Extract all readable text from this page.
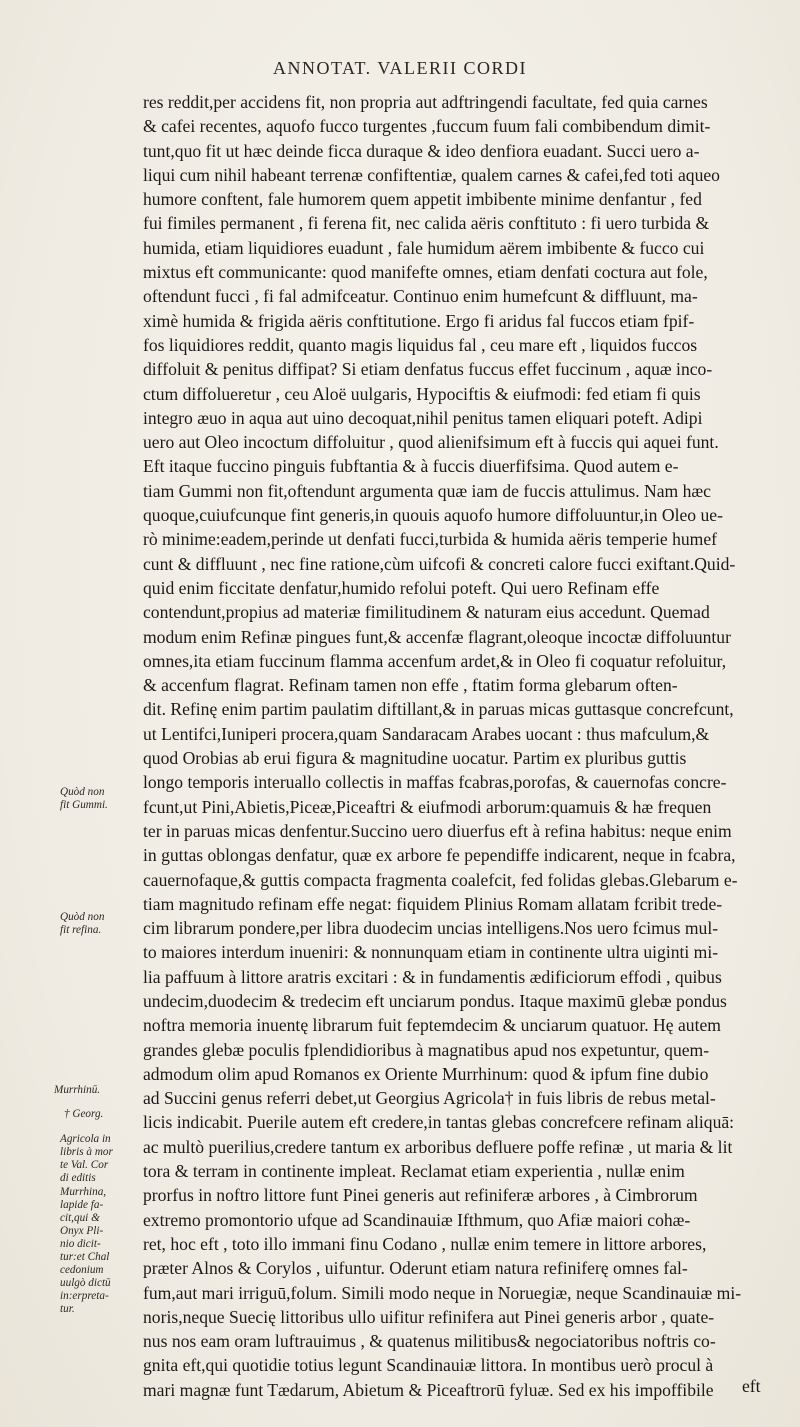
ANNOTAT. VALERII CORDI
Quòd non
fit Gummi.
Quòd non
fit refina.
Murrhinū.
† Georg.
Agricola in
libris à mor
te Val. Cor
di editis
Murrhina,
lapide fa-
cit,qui &
Onyx Pli-
nio dicit-
tur:et Chal
cedonium
uulgò dictū
in:erpreta-
tur.
res reddit,per accidens fit, non propria aut adftringendi facultate, fed quia carnes
& cafei recentes, aquofo fucco turgentes ,fuccum fuum fali combibendum dimit-
tunt,quo fit ut hæc deinde ficca duraque & ideo denfiora euadant. Succi uero a-
liqui cum nihil habeant terrenæ confiftentiæ, qualem carnes & cafei,fed toti aqueo
humore conftent, fale humorem quem appetit imbibente minime denfantur , fed
fui fimiles permanent , fi ferena fit, nec calida aëris conftituto : fi uero turbida &
humida, etiam liquidiores euadunt , fale humidum aërem imbibente & fucco cui
mixtus eft communicante: quod manifefte omnes, etiam denfati coctura aut fole,
oftendunt fucci , fi fal admifceatur. Continuo enim humefcunt & diffluunt, ma-
ximè humida & frigida aëris conftitutione. Ergo fi aridus fal fuccos etiam fpif-
fos liquidiores reddit, quanto magis liquidus fal , ceu mare eft , liquidos fuccos
diffoluit & penitus diffipat? Si etiam denfatus fuccus effet fuccinum , aquæ inco-
ctum diffolueretur , ceu Aloë uulgaris, Hypociftis & eiufmodi: fed etiam fi quis
integro æuo in aqua aut uino decoquat,nihil penitus tamen eliquari poteft. Adipi
uero aut Oleo incoctum diffoluitur , quod alienifsimum eft à fuccis qui aquei funt.
Eft itaque fuccino pinguis fubftantia & à fuccis diuerfifsima. Quod autem e-
tiam Gummi non fit,oftendunt argumenta quæ iam de fuccis attulimus. Nam hæc
quoque,cuiufcunque fint generis,in quouis aquofo humore diffoluuntur,in Oleo ue-
rò minime:eadem,perinde ut denfati fucci,turbida & humida aëris temperie humef
cunt & diffluunt , nec fine ratione,cùm uifcofi & concreti calore fucci exiftant.Quid-
quid enim ficcitate denfatur,humido refolui poteft. Qui uero Refinam effe
contendunt,propius ad materiæ fimilitudinem & naturam eius accedunt. Quemad
modum enim Refinæ pingues funt,& accenfæ flagrant,oleoque incoctæ diffoluuntur
omnes,ita etiam fuccinum flamma accenfum ardet,& in Oleo fi coquatur refoluitur,
& accenfum flagrat. Refinam tamen non effe , ftatim forma glebarum often-
dit. Refinę enim partim paulatim diftillant,& in paruas micas guttasque concrefcunt,
ut Lentifci,Iuniperi procera,quam Sandaracam Arabes uocant : thus mafculum,&
quod Orobias ab erui figura & magnitudine uocatur. Partim ex pluribus guttis
longo temporis interuallo collectis in maffas fcabras,porofas, & cauernofas concre-
fcunt,ut Pini,Abietis,Piceæ,Piceaftri & eiufmodi arborum:quamuis & hæ frequen
ter in paruas micas denfentur.Succino uero diuerfus eft à refina habitus: neque enim
in guttas oblongas denfatur, quæ ex arbore fe pependiffe indicarent, neque in fcabra,
cauernofaque,& guttis compacta fragmenta coalefcit, fed folidas glebas.Glebarum e-
tiam magnitudo refinam effe negat: fiquidem Plinius Romam allatam fcribit trede-
cim librarum pondere,per libra duodecim uncias intelligens.Nos uero fcimus mul-
to maiores interdum inueniri: & nonnunquam etiam in continente ultra uiginti mi-
lia paffuum à littore aratris excitari : & in fundamentis ædificiorum effodi , quibus
undecim,duodecim & tredecim eft unciarum pondus. Itaque maximū glebæ pondus
noftra memoria inuentę librarum fuit feptemdecim & unciarum quatuor. Hę autem
grandes glebæ poculis fplendidioribus à magnatibus apud nos expetuntur, quem-
admodum olim apud Romanos ex Oriente Murrhinum: quod & ipfum fine dubio
ad Succini genus referri debet,ut Georgius Agricola† in fuis libris de rebus metal-
licis indicabit. Puerile autem eft credere,in tantas glebas concrefcere refinam aliquā:
ac multò puerilius,credere tantum ex arboribus defluere poffe refinæ , ut maria & lit
tora & terram in continente impleat. Reclamat etiam experientia , nullæ enim
prorfus in noftro littore funt Pinei generis aut refiniferæ arbores , à Cimbrorum
extremo promontorio ufque ad Scandinauiæ Ifthmum, quo Afiæ maiori cohæ-
ret, hoc eft , toto illo immani finu Codano , nullæ enim temere in littore arbores,
præter Alnos & Corylos , uifuntur. Oderunt etiam natura refiniferę omnes fal-
fum,aut mari irriguū,folum. Simili modo neque in Noruegiæ, neque Scandinauiæ mi-
noris,neque Suecię littoribus ullo uifitur refinifera aut Pinei generis arbor , quate-
nus nos eam oram luftrauimus , & quatenus militibus& negociatoribus noftris co-
gnita eft,qui quotidie totius legunt Scandinauiæ littora. In montibus uerò procul à
mari magnæ funt Tædarum, Abietum & Piceaftrorū fyluæ. Sed ex his impoffibile	eft
